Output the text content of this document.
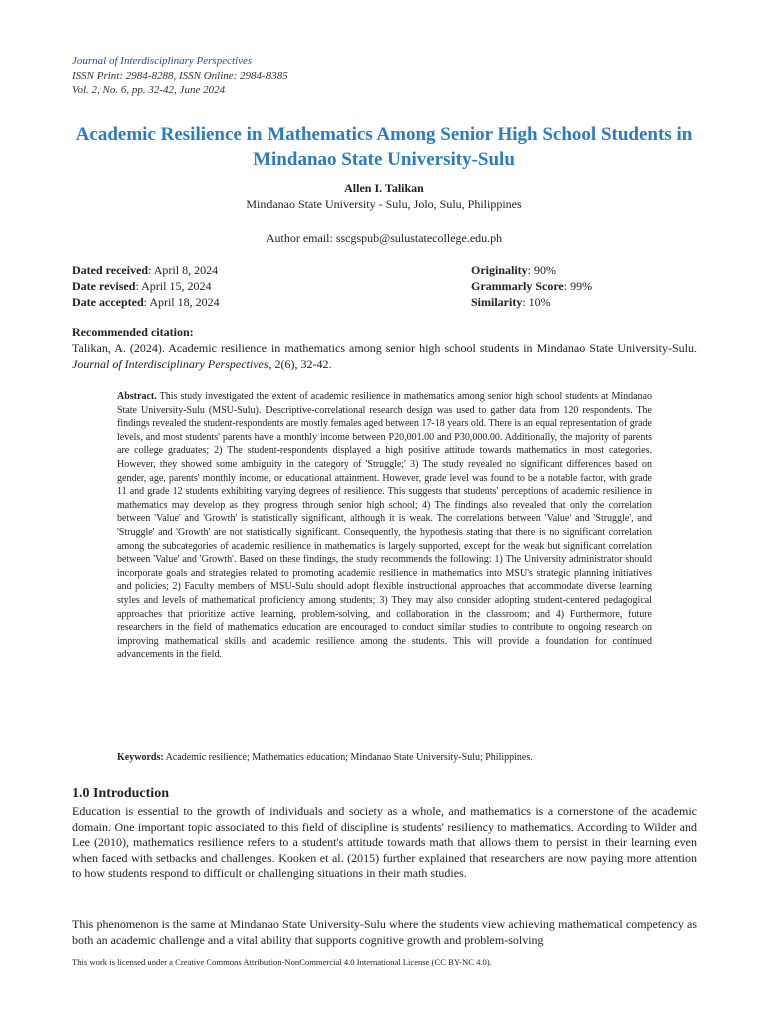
Journal of Interdisciplinary Perspectives
ISSN Print: 2984-8288, ISSN Online: 2984-8385
Vol. 2, No. 6, pp. 32-42, June 2024
Academic Resilience in Mathematics Among Senior High School Students in Mindanao State University-Sulu
Allen I. Talikan
Mindanao State University - Sulu, Jolo, Sulu, Philippines
Author email: sscgspub@sulustatecollege.edu.ph
Dated received: April 8, 2024
Date revised: April 15, 2024
Date accepted: April 18, 2024
Originality: 90%
Grammarly Score: 99%
Similarity: 10%
Recommended citation:
Talikan, A. (2024). Academic resilience in mathematics among senior high school students in Mindanao State University-Sulu. Journal of Interdisciplinary Perspectives, 2(6), 32-42.
Abstract. This study investigated the extent of academic resilience in mathematics among senior high school students at Mindanao State University-Sulu (MSU-Sulu). Descriptive-correlational research design was used to gather data from 120 respondents. The findings revealed the student-respondents are mostly females aged between 17-18 years old. There is an equal representation of grade levels, and most students' parents have a monthly income between P20,001.00 and P30,000.00. Additionally, the majority of parents are college graduates; 2) The student-respondents displayed a high positive attitude towards mathematics in most categories. However, they showed some ambiguity in the category of 'Struggle;' 3) The study revealed no significant differences based on gender, age, parents' monthly income, or educational attainment. However, grade level was found to be a notable factor, with grade 11 and grade 12 students exhibiting varying degrees of resilience. This suggests that students' perceptions of academic resilience in mathematics may develop as they progress through senior high school; 4) The findings also revealed that only the correlation between 'Value' and 'Growth' is statistically significant, although it is weak. The correlations between 'Value' and 'Struggle', and 'Struggle' and 'Growth' are not statistically significant. Consequently, the hypothesis stating that there is no significant correlation among the subcategories of academic resilience in mathematics is largely supported, except for the weak but significant correlation between 'Value' and 'Growth'. Based on these findings, the study recommends the following: 1) The University administrator should incorporate goals and strategies related to promoting academic resilience in mathematics into MSU's strategic planning initiatives and policies; 2) Faculty members of MSU-Sulu should adopt flexible instructional approaches that accommodate diverse learning styles and levels of mathematical proficiency among students; 3) They may also consider adopting student-centered pedagogical approaches that prioritize active learning, problem-solving, and collaboration in the classroom; and 4) Furthermore, future researchers in the field of mathematics education are encouraged to conduct similar studies to contribute to ongoing research on improving mathematical skills and academic resilience among the students. This will provide a foundation for continued advancements in the field.
Keywords: Academic resilience; Mathematics education; Mindanao State University-Sulu; Philippines.
1.0 Introduction
Education is essential to the growth of individuals and society as a whole, and mathematics is a cornerstone of the academic domain. One important topic associated to this field of discipline is students' resiliency to mathematics. According to Wilder and Lee (2010), mathematics resilience refers to a student's attitude towards math that allows them to persist in their learning even when faced with setbacks and challenges. Kooken et al. (2015) further explained that researchers are now paying more attention to how students respond to difficult or challenging situations in their math studies.
This phenomenon is the same at Mindanao State University-Sulu where the students view achieving mathematical competency as both an academic challenge and a vital ability that supports cognitive growth and problem-solving
This work is licensed under a Creative Commons Attribution-NonCommercial 4.0 International License (CC BY-NC 4.0).
